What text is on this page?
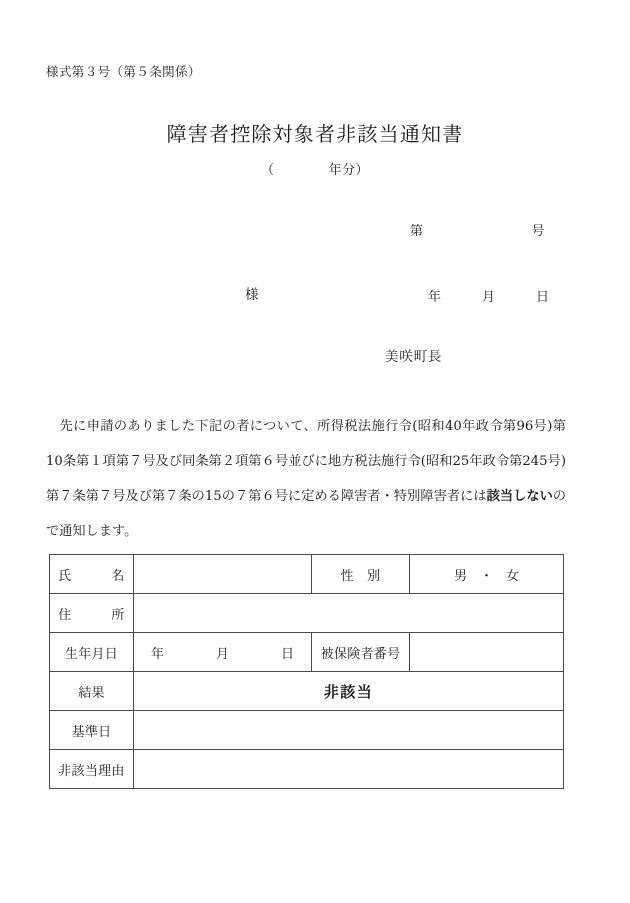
様式第３号（第５条関係）
障害者控除対象者非該当通知書
（　　　　年分）

第　　　　　　　　号

年　　　月　　　日

様
美咲町長

先に申請のありました下記の者について、所得税法施行令(昭和40年政令第96号)第10条第１項第７号及び同条第２項第６号並びに地方税法施行令(昭和25年政令第245号)第７条第７号及び第７条の15の７第６号に定める障害者・特別障害者には該当しないので通知します。

氏　　　名		性　別	男　・　女
住　　　所			
生年月日	年　　　　月　　　　日	被保険者番号	
結果	非該当		
基準日			
非該当理由			
